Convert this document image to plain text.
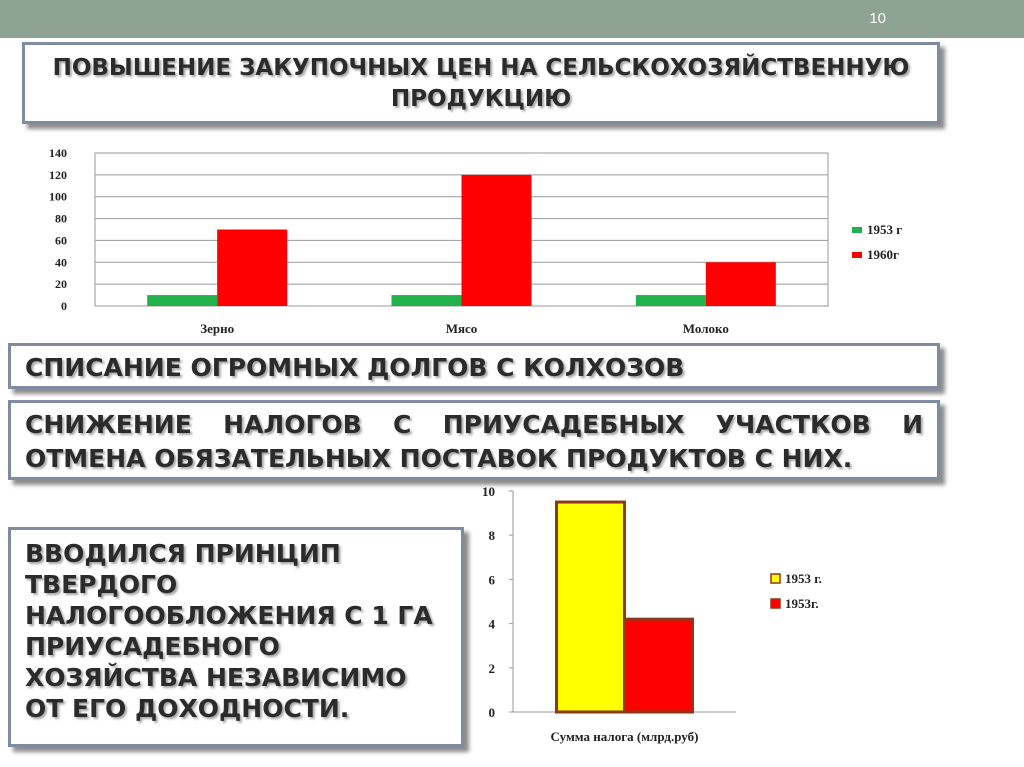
10
ПОВЫШЕНИЕ ЗАКУПОЧНЫХ ЦЕН НА СЕЛЬСКОХОЗЯЙСТВЕННУЮ ПРОДУКЦИЮ
0
20
40
60
80
100
120
140
Зерно	Мясо	Молоко
1953 г
1960г
СПИСАНИЕ ОГРОМНЫХ ДОЛГОВ С КОЛХОЗОВ
СНИЖЕНИЕ НАЛОГОВ С ПРИУСАДЕБНЫХ УЧАСТКОВ И ОТМЕНА ОБЯЗАТЕЛЬНЫХ ПОСТАВОК ПРОДУКТОВ С НИХ.
ВВОДИЛСЯ ПРИНЦИП ТВЕРДОГО НАЛОГООБЛОЖЕНИЯ С 1 ГА ПРИУСАДЕБНОГО ХОЗЯЙСТВА НЕЗАВИСИМО ОТ ЕГО ДОХОДНОСТИ.	0
2
4
6
8
10
Сумма налога (млрд.руб)
1953 г.
1953г.
